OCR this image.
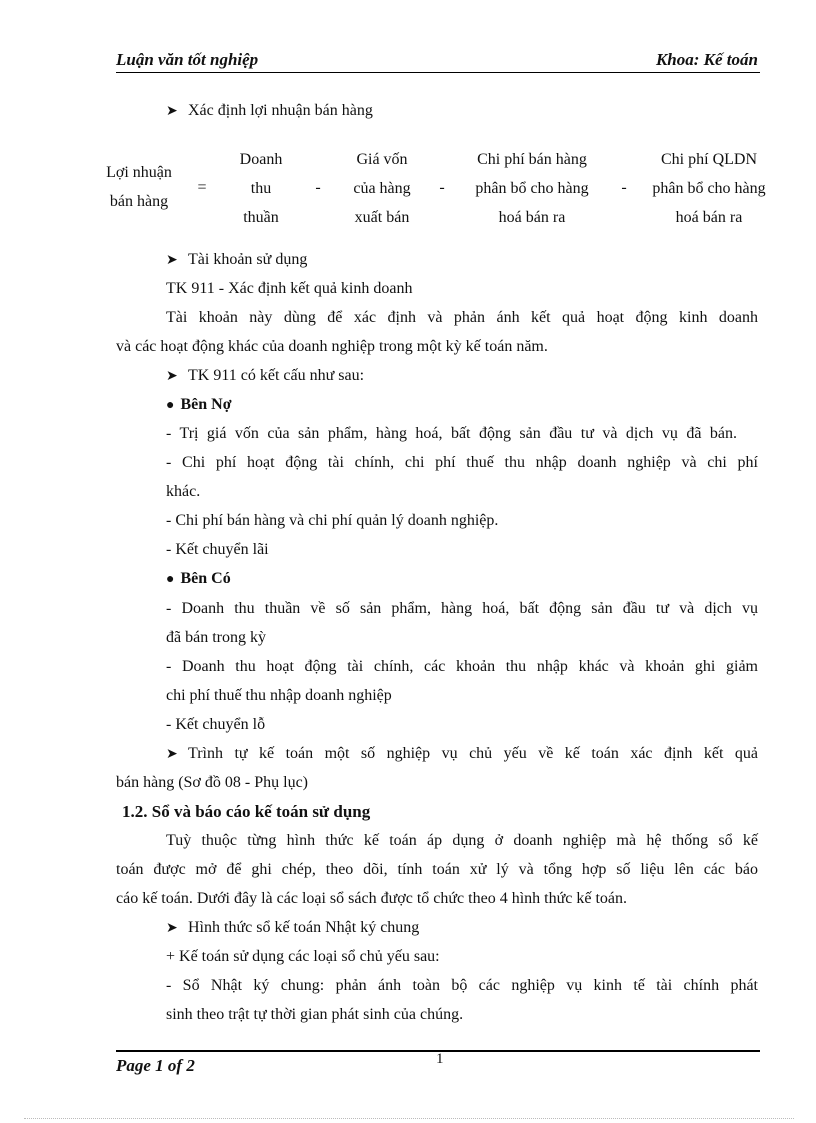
Luận văn tốt nghiệp	Khoa: Kế toán
➤ Xác định lợi nhuận bán hàng
Lợi nhuận
bán hàng
=
Doanh
thu
thuần
-
Giá vốn
của hàng
xuất bán
-
Chi phí bán hàng
phân bổ cho hàng
hoá bán ra
-
Chi phí QLDN
phân bổ cho hàng
hoá bán ra
➤ Tài khoản sử dụng
TK 911 - Xác định kết quả kinh doanh
Tài khoản này dùng để xác định và phản ánh kết quả hoạt động kinh doanh
và các hoạt động khác của doanh nghiệp trong một kỳ kế toán năm.
➤ TK 911 có kết cấu như sau:
● Bên Nợ
- Trị giá vốn của sản phẩm, hàng hoá, bất động sản đầu tư và dịch vụ đã bán.
- Chi phí hoạt động tài chính, chi phí thuế thu nhập doanh nghiệp và chi phí
khác.
- Chi phí bán hàng và chi phí quản lý doanh nghiệp.
- Kết chuyển lãi
● Bên Có
- Doanh thu thuần về số sản phẩm, hàng hoá, bất động sản đầu tư và dịch vụ
đã bán trong kỳ
- Doanh thu hoạt động tài chính, các khoản thu nhập khác và khoản ghi giảm
chi phí thuế thu nhập doanh nghiệp
- Kết chuyển lỗ
➤ Trình tự kế toán một số nghiệp vụ chủ yếu về kế toán xác định kết quả
bán hàng (Sơ đồ 08 - Phụ lục)
1.2. Sổ và báo cáo kế toán sử dụng
Tuỳ thuộc từng hình thức kế toán áp dụng ở doanh nghiệp mà hệ thống sổ kế
toán được mở để ghi chép, theo dõi, tính toán xử lý và tổng hợp số liệu lên các báo
cáo kế toán. Dưới đây là các loại sổ sách được tổ chức theo 4 hình thức kế toán.
➤ Hình thức sổ kế toán Nhật ký chung
+ Kế toán sử dụng các loại sổ chủ yếu sau:
- Sổ Nhật ký chung: phản ánh toàn bộ các nghiệp vụ kinh tế tài chính phát
sinh theo trật tự thời gian phát sinh của chúng.
1
Page 1 of 2
